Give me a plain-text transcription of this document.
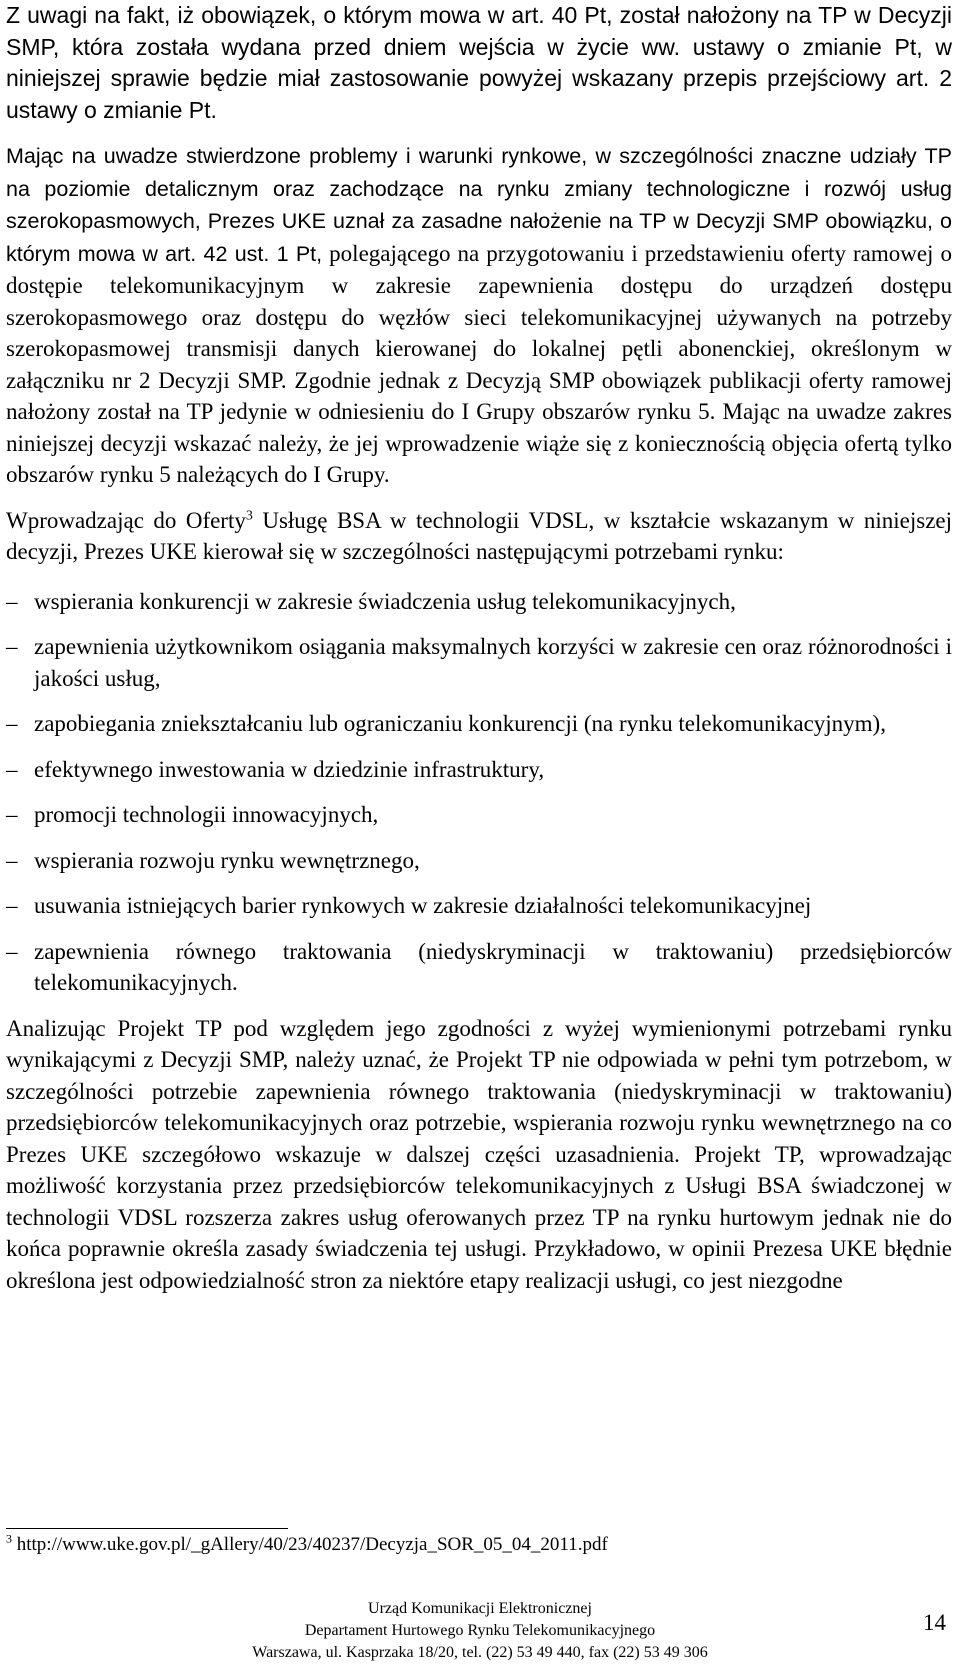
Z uwagi na fakt, iż obowiązek, o którym mowa w art. 40 Pt, został nałożony na TP w Decyzji SMP, która została wydana przed dniem wejścia w życie ww. ustawy o zmianie Pt, w niniejszej sprawie będzie miał zastosowanie powyżej wskazany przepis przejściowy art. 2 ustawy o zmianie Pt.

Mając na uwadze stwierdzone problemy i warunki rynkowe, w szczególności znaczne udziały TP na poziomie detalicznym oraz zachodzące na rynku zmiany technologiczne i rozwój usług szerokopasmowych, Prezes UKE uznał za zasadne nałożenie na TP w Decyzji SMP obowiązku, o którym mowa w art. 42 ust. 1 Pt, polegającego na przygotowaniu i przedstawieniu oferty ramowej o dostępie telekomunikacyjnym w zakresie zapewnienia dostępu do urządzeń dostępu szerokopasmowego oraz dostępu do węzłów sieci telekomunikacyjnej używanych na potrzeby szerokopasmowej transmisji danych kierowanej do lokalnej pętli abonenckiej, określonym w załączniku nr 2 Decyzji SMP. Zgodnie jednak z Decyzją SMP obowiązek publikacji oferty ramowej nałożony został na TP jedynie w odniesieniu do I Grupy obszarów rynku 5. Mając na uwadze zakres niniejszej decyzji wskazać należy, że jej wprowadzenie wiąże się z koniecznością objęcia ofertą tylko obszarów rynku 5 należących do I Grupy.

Wprowadzając do Oferty$^3$ Usługę BSA w technologii VDSL, w kształcie wskazanym w niniejszej decyzji, Prezes UKE kierował się w szczególności następującymi potrzebami rynku:

– wspierania konkurencji w zakresie świadczenia usług telekomunikacyjnych,
– zapewnienia użytkownikom osiągania maksymalnych korzyści w zakresie cen oraz różnorodności i jakości usług,
– zapobiegania zniekształcaniu lub ograniczaniu konkurencji (na rynku telekomunikacyjnym),
– efektywnego inwestowania w dziedzinie infrastruktury,
– promocji technologii innowacyjnych,
– wspierania rozwoju rynku wewnętrznego,
– usuwania istniejących barier rynkowych w zakresie działalności telekomunikacyjnej
– zapewnienia równego traktowania (niedyskryminacji w traktowaniu) przedsiębiorców telekomunikacyjnych.

Analizując Projekt TP pod względem jego zgodności z wyżej wymienionymi potrzebami rynku wynikającymi z Decyzji SMP, należy uznać, że Projekt TP nie odpowiada w pełni tym potrzebom, w szczególności potrzebie zapewnienia równego traktowania (niedyskryminacji w traktowaniu) przedsiębiorców telekomunikacyjnych oraz potrzebie, wspierania rozwoju rynku wewnętrznego na co Prezes UKE szczegółowo wskazuje w dalszej części uzasadnienia. Projekt TP, wprowadzając możliwość korzystania przez przedsiębiorców telekomunikacyjnych z Usługi BSA świadczonej w technologii VDSL rozszerza zakres usług oferowanych przez TP na rynku hurtowym jednak nie do końca poprawnie określa zasady świadczenia tej usługi. Przykładowo, w opinii Prezesa UKE błędnie określona jest odpowiedzialność stron za niektóre etapy realizacji usługi, co jest niezgodne

$^3$ http://www.uke.gov.pl/_gAllery/40/23/40237/Decyzja_SOR_05_04_2011.pdf
Urząd Komunikacji Elektronicznej
Departament Hurtowego Rynku Telekomunikacyjnego
Warszawa, ul. Kasprzaka 18/20, tel. (22) 53 49 440, fax (22) 53 49 306
14
